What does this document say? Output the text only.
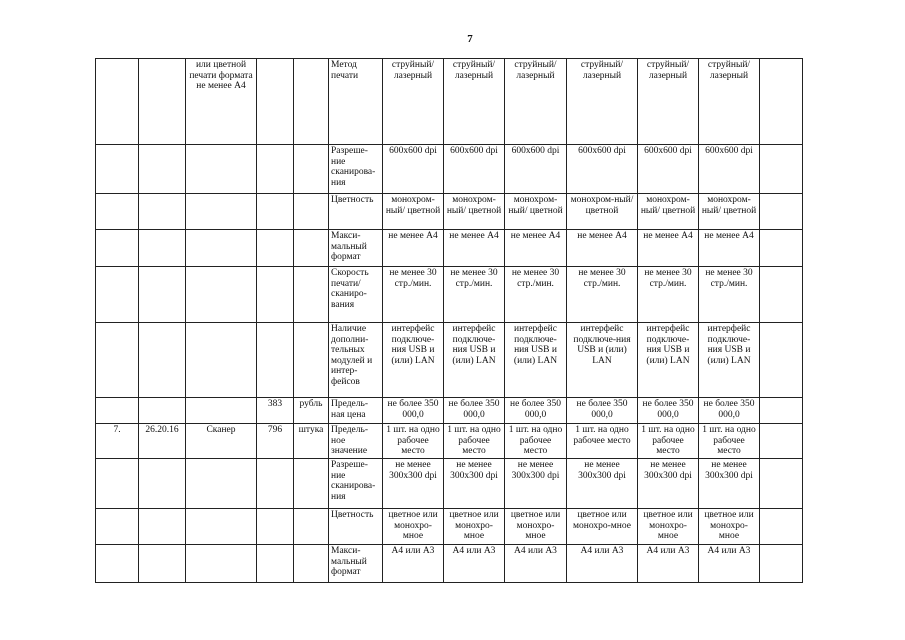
7
		или цветной печати формата не менее А4			Метод печати	струйный/ лазерный	струйный/ лазерный	струйный/ лазерный	струйный/ лазерный	струйный/ лазерный	струйный/ лазерный	
					Разреше-ние сканирова-ния	600x600 dpi	600x600 dpi	600x600 dpi	600x600 dpi	600x600 dpi	600x600 dpi	
					Цветность	монохром-ный/ цветной	монохром-ный/ цветной	монохром-ный/ цветной	монохром-ный/ цветной	монохром-ный/ цветной	монохром-ный/ цветной	
					Макси-мальный формат	не менее А4	не менее А4	не менее А4	не менее А4	не менее А4	не менее А4	
					Скорость печати/ сканиро-вания	не менее 30 стр./мин.	не менее 30 стр./мин.	не менее 30 стр./мин.	не менее 30 стр./мин.	не менее 30 стр./мин.	не менее 30 стр./мин.	
					Наличие дополни-тельных модулей и интер-фейсов	интерфейс подключе-ния USB и (или) LAN	интерфейс подключе-ния USB и (или) LAN	интерфейс подключе-ния USB и (или) LAN	интерфейс подключе-ния USB и (или) LAN	интерфейс подключе-ния USB и (или) LAN	интерфейс подключе-ния USB и (или) LAN	
			383	рубль	Предель-ная цена	не более 350 000,0	не более 350 000,0	не более 350 000,0	не более 350 000,0	не более 350 000,0	не более 350 000,0	
7.	26.20.16	Сканер	796	штука	Предель-ное значение	1 шт. на одно рабочее место	1 шт. на одно рабочее место	1 шт. на одно рабочее место	1 шт. на одно рабочее место	1 шт. на одно рабочее место	1 шт. на одно рабочее место	
					Разреше-ние сканирова-ния	не менее 300x300 dpi	не менее 300x300 dpi	не менее 300x300 dpi	не менее 300x300 dpi	не менее 300x300 dpi	не менее 300x300 dpi	
					Цветность	цветное или монохро-мное	цветное или монохро-мное	цветное или монохро-мное	цветное или монохро-мное	цветное или монохро-мное	цветное или монохро-мное	
					Макси-мальный формат	А4 или А3	А4 или А3	А4 или А3	А4 или А3	А4 или А3	А4 или А3	
